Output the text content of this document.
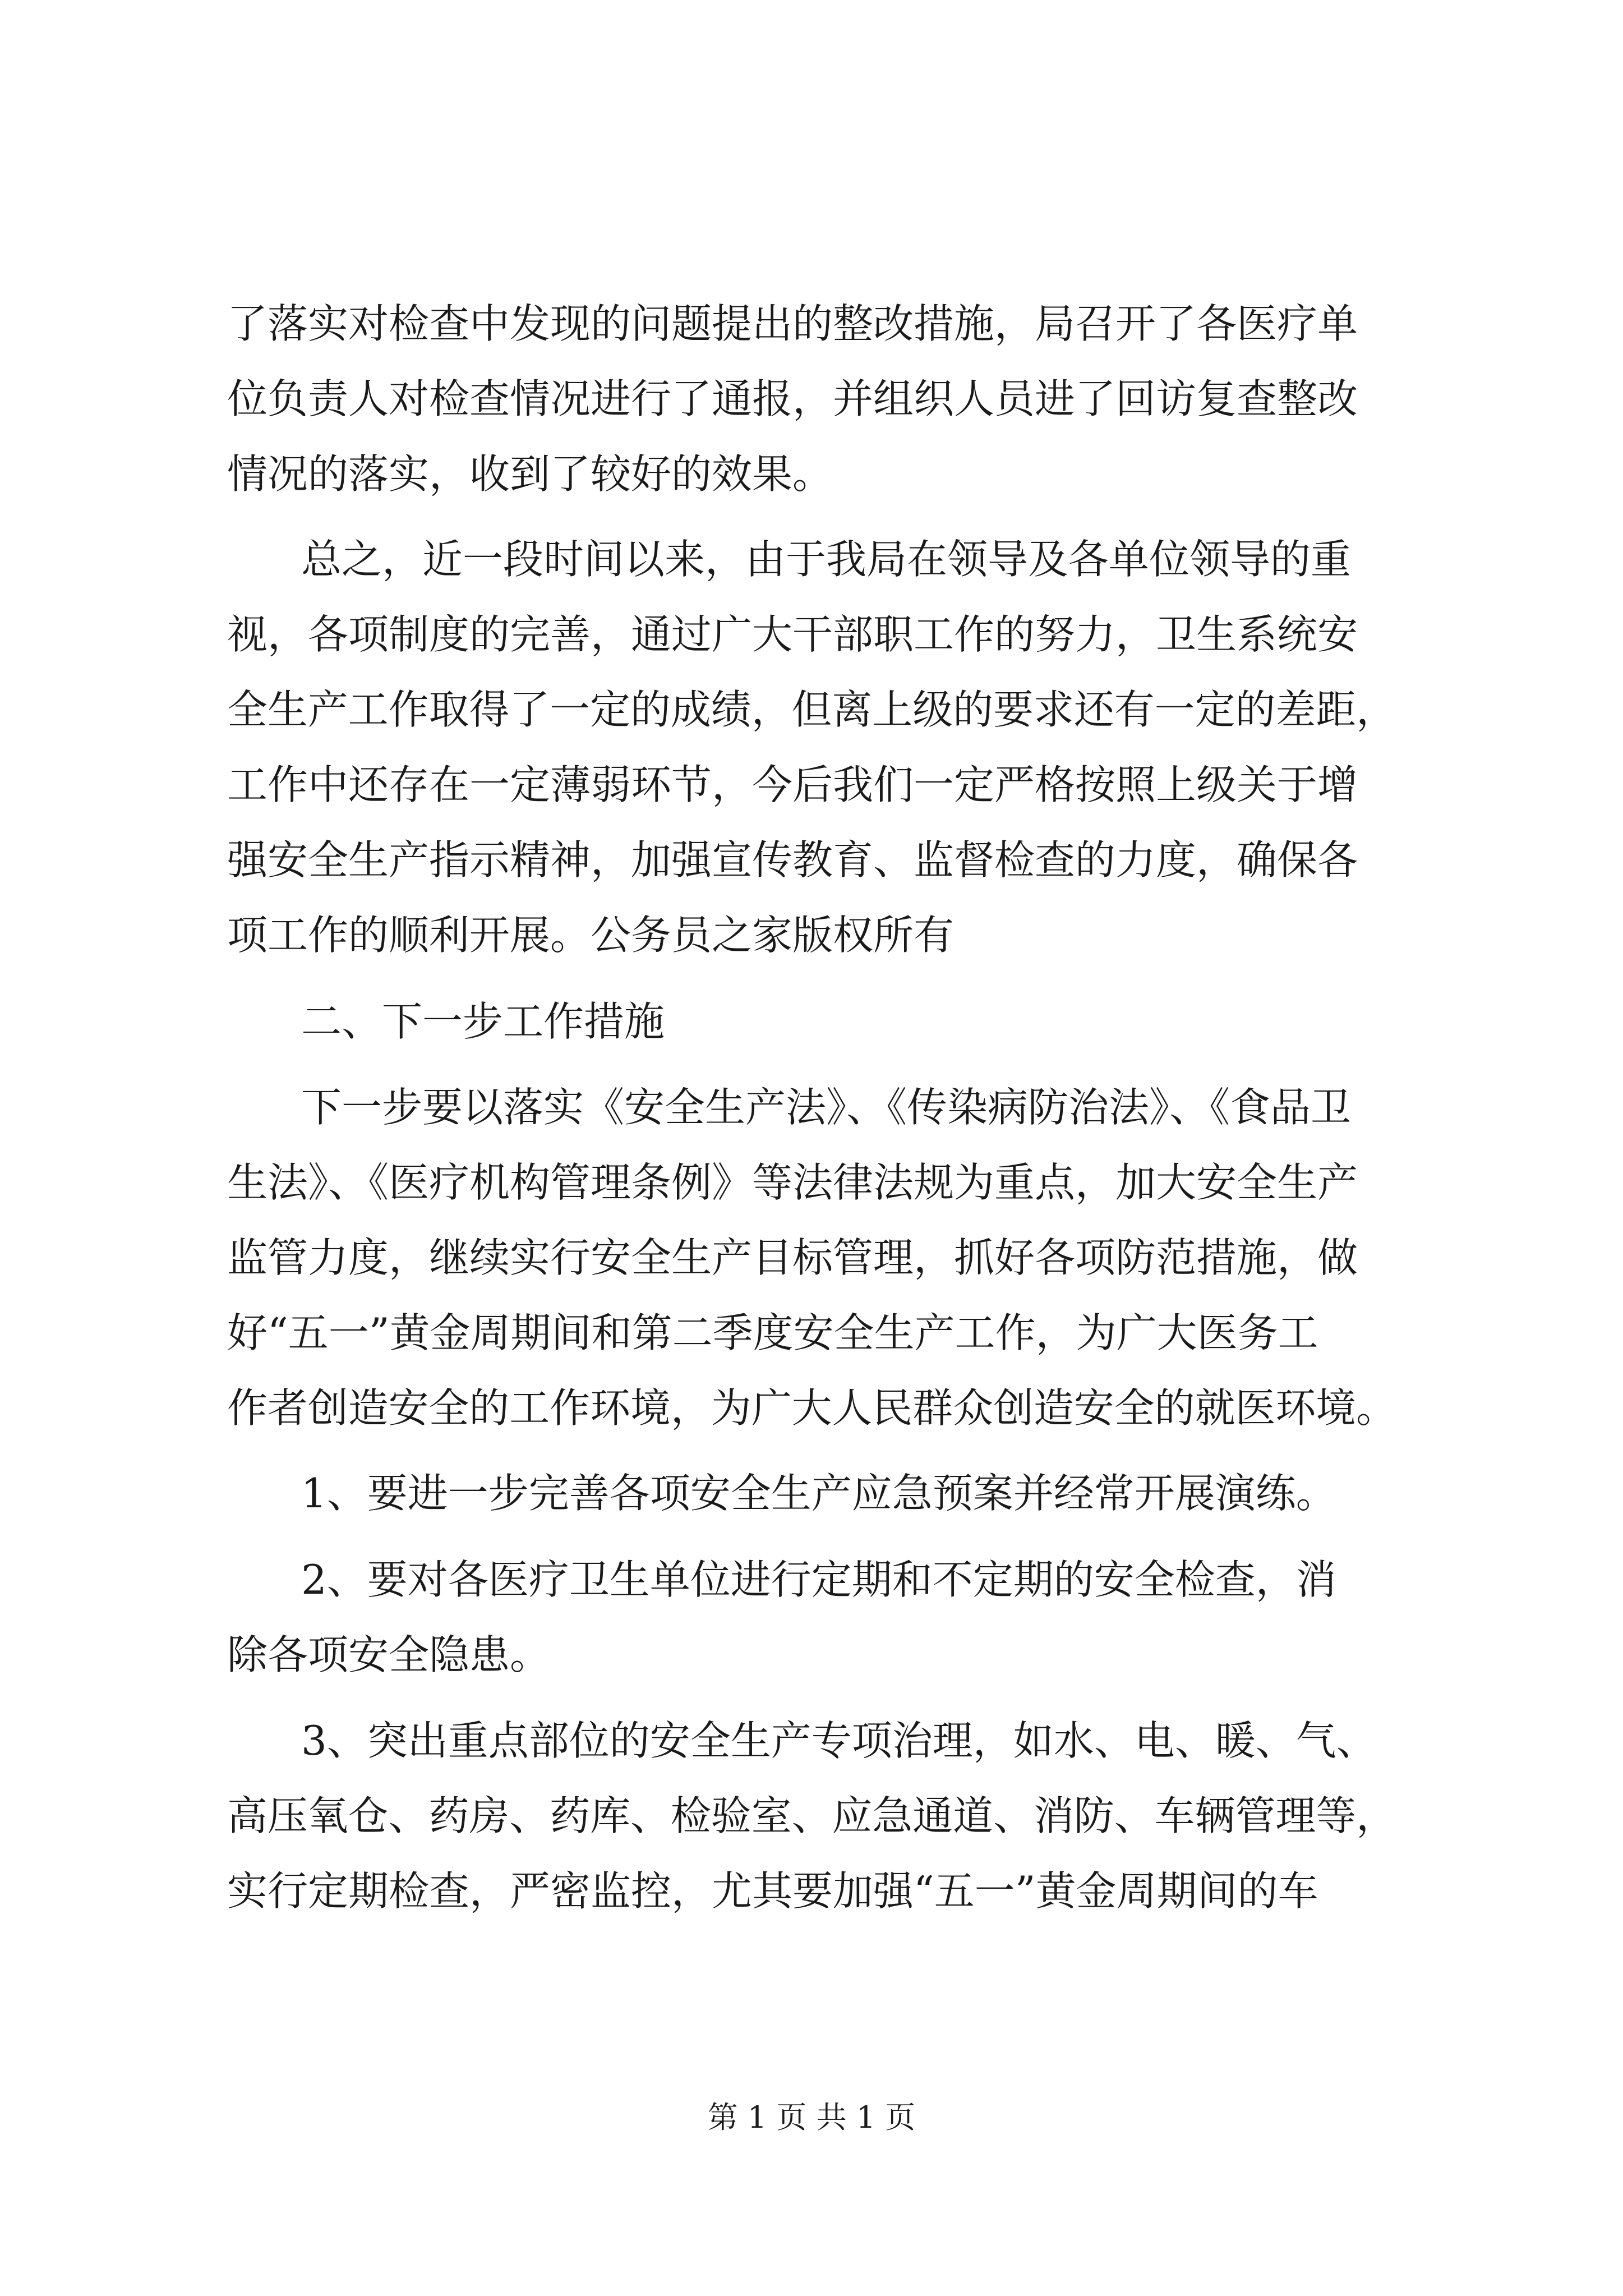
了落实对检查中发现的问题提出的整改措施，局召开了各医疗单

位负责人对检查情况进行了通报，并组织人员进了回访复查整改

情况的落实，收到了较好的效果。

总之，近一段时间以来，由于我局在领导及各单位领导的重

视，各项制度的完善，通过广大干部职工作的努力，卫生系统安

全生产工作取得了一定的成绩，但离上级的要求还有一定的差距，

工作中还存在一定薄弱环节，今后我们一定严格按照上级关于增

强安全生产指示精神，加强宣传教育、监督检查的力度，确保各

项工作的顺利开展。公务员之家版权所有

二、下一步工作措施

下一步要以落实《安全生产法》、《传染病防治法》、《食品卫

生法》、《医疗机构管理条例》等法律法规为重点，加大安全生产

监管力度，继续实行安全生产目标管理，抓好各项防范措施，做

好“五一”黄金周期间和第二季度安全生产工作，为广大医务工

作者创造安全的工作环境，为广大人民群众创造安全的就医环境。

1、要进一步完善各项安全生产应急预案并经常开展演练。

2、要对各医疗卫生单位进行定期和不定期的安全检查，消

除各项安全隐患。

3、突出重点部位的安全生产专项治理，如水、电、暖、气、

高压氧仓、药房、药库、检验室、应急通道、消防、车辆管理等，

实行定期检查，严密监控，尤其要加强“五一”黄金周期间的车

第 1 页 共 1 页
